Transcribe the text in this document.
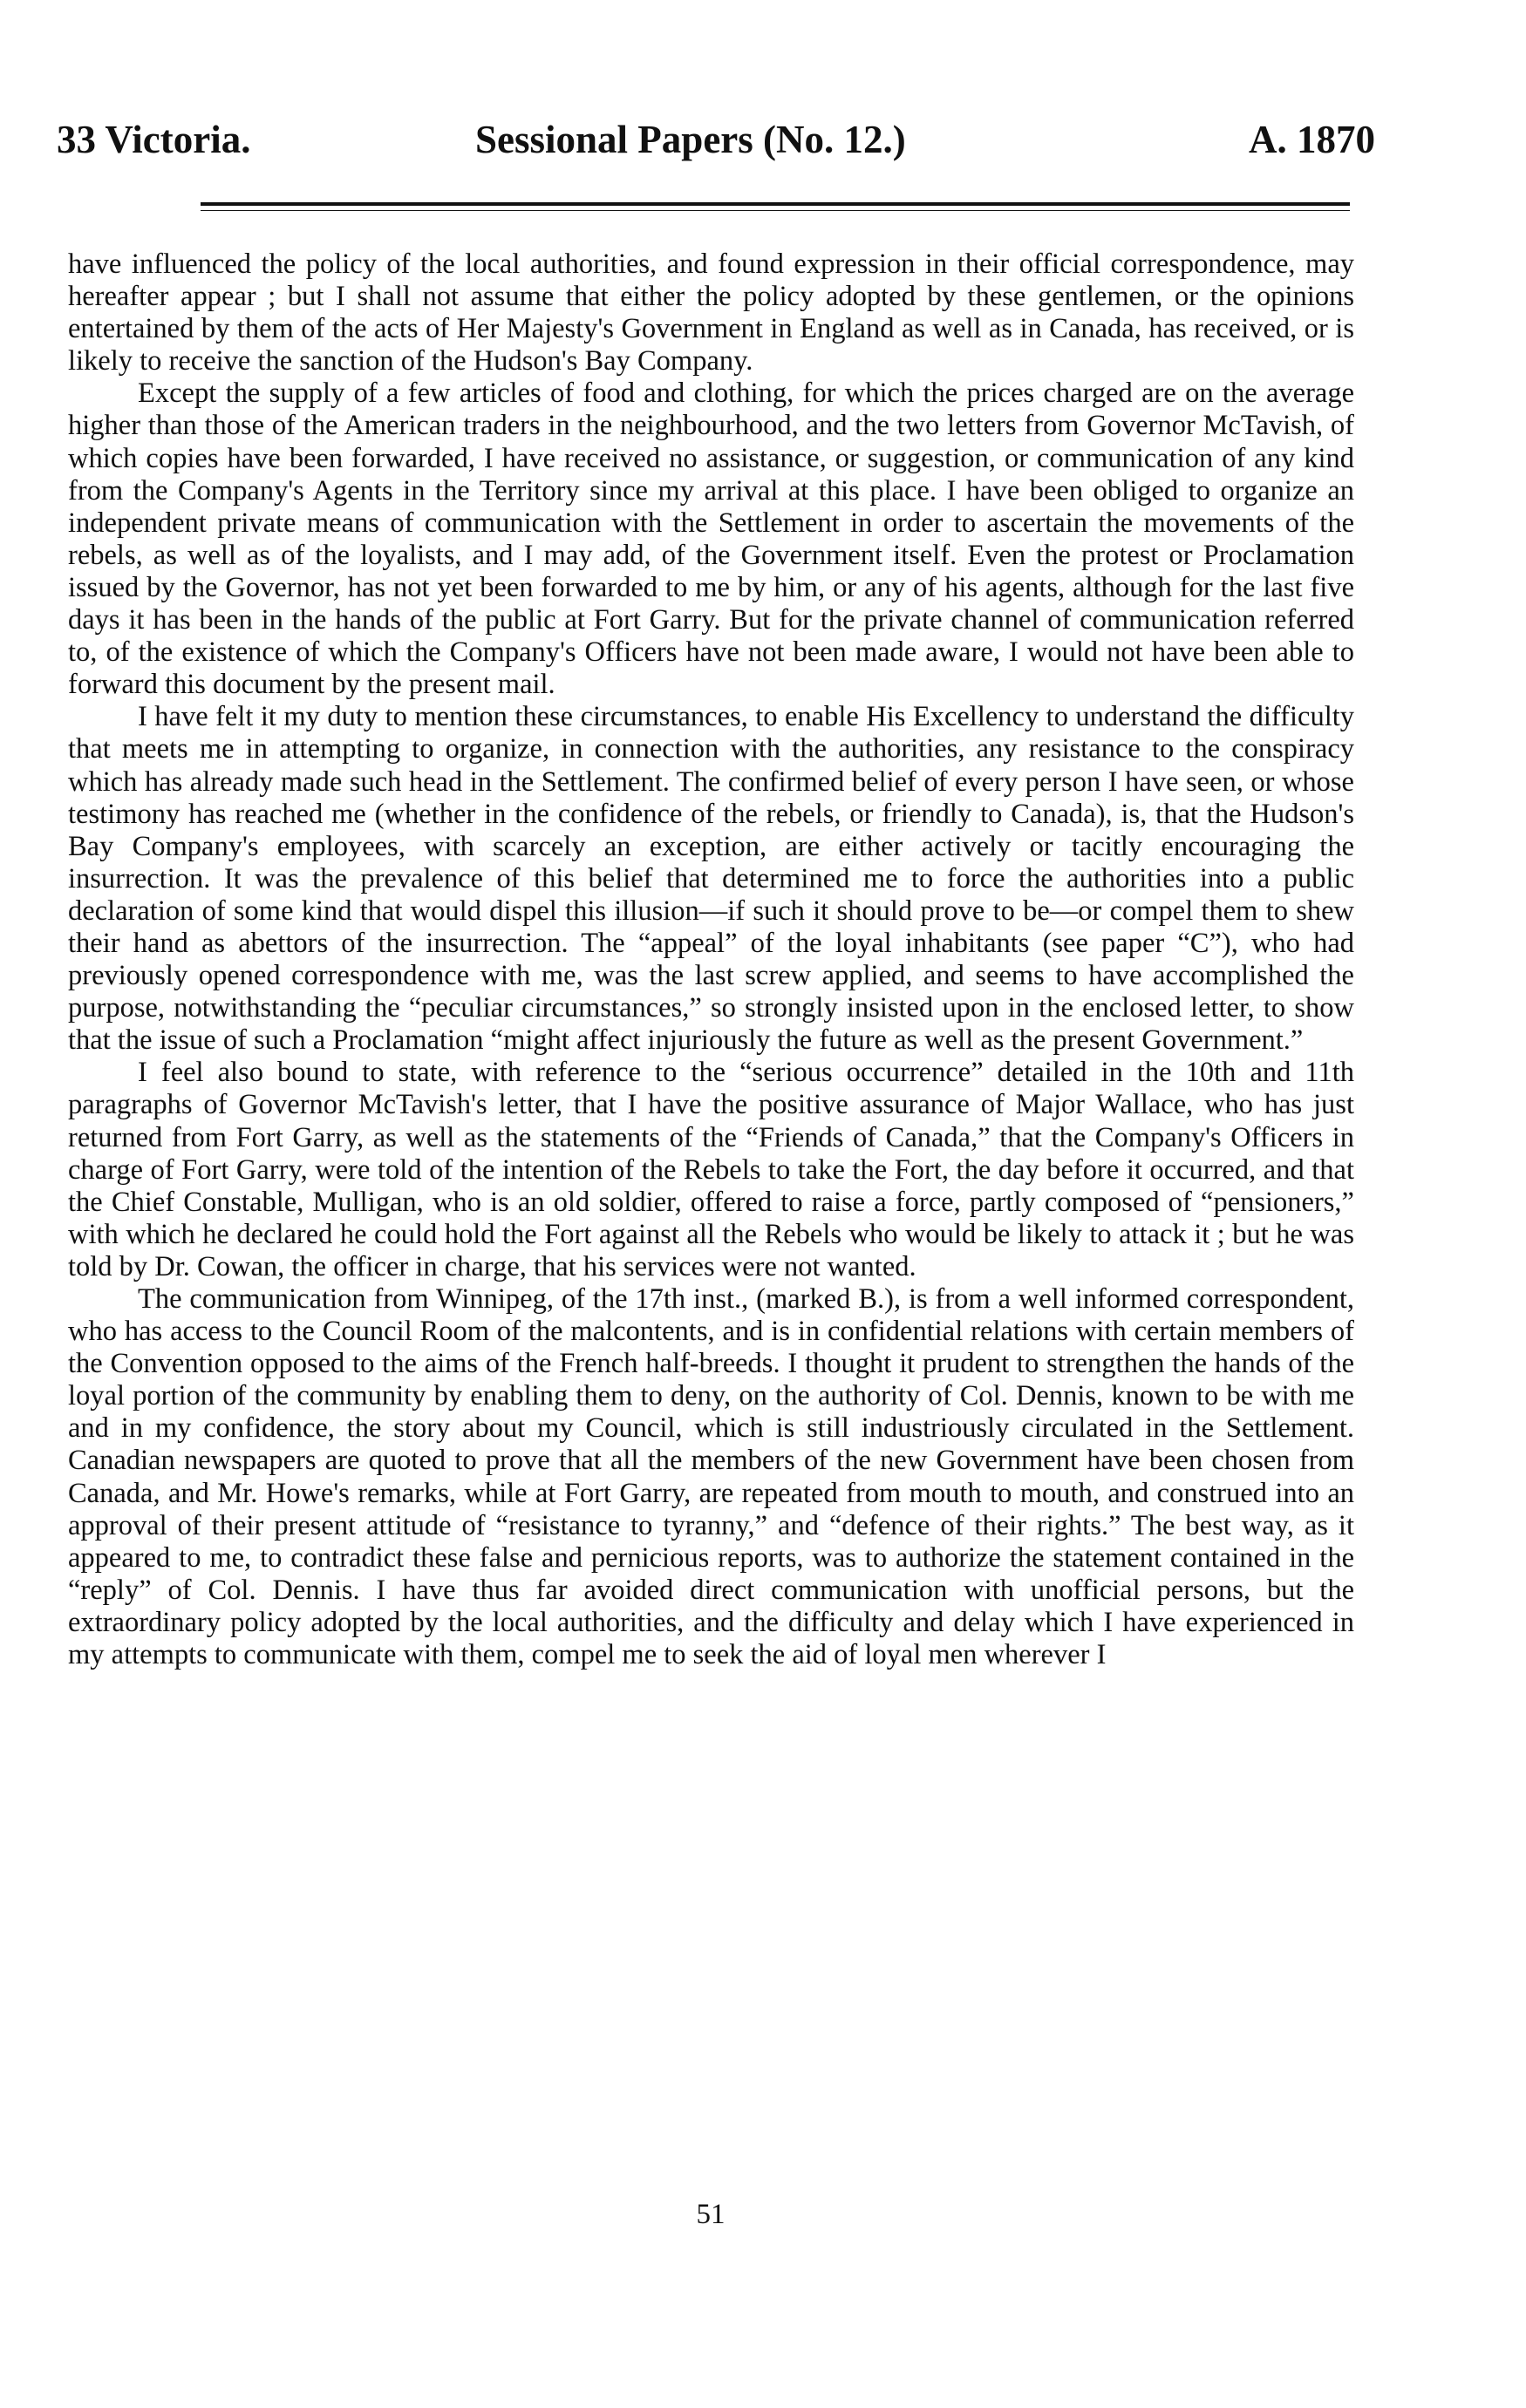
33 Victoria.	Sessional Papers (No. 12.)	A. 1870

have influenced the policy of the local authorities, and found expression in their official correspondence, may hereafter appear ; but I shall not assume that either the policy adopted by these gentlemen, or the opinions entertained by them of the acts of Her Majesty's Government in England as well as in Canada, has received, or is likely to receive the sanction of the Hudson's Bay Company.

Except the supply of a few articles of food and clothing, for which the prices charged are on the average higher than those of the American traders in the neighbourhood, and the two letters from Governor McTavish, of which copies have been forwarded, I have received no assistance, or suggestion, or communication of any kind from the Company's Agents in the Territory since my arrival at this place. I have been obliged to organize an independent private means of communication with the Settlement in order to ascertain the movements of the rebels, as well as of the loyalists, and I may add, of the Government itself. Even the protest or Proclamation issued by the Governor, has not yet been forwarded to me by him, or any of his agents, although for the last five days it has been in the hands of the public at Fort Garry. But for the private channel of communication referred to, of the existence of which the Company's Officers have not been made aware, I would not have been able to forward this document by the present mail.

I have felt it my duty to mention these circumstances, to enable His Excellency to understand the difficulty that meets me in attempting to organize, in connection with the authorities, any resistance to the conspiracy which has already made such head in the Settlement. The confirmed belief of every person I have seen, or whose testimony has reached me (whether in the confidence of the rebels, or friendly to Canada), is, that the Hudson's Bay Company's employees, with scarcely an exception, are either actively or tacitly encouraging the insurrection. It was the prevalence of this belief that determined me to force the authorities into a public declaration of some kind that would dispel this illusion—if such it should prove to be—or compel them to shew their hand as abettors of the insurrection. The “appeal” of the loyal inhabitants (see paper “C”), who had previously opened correspondence with me, was the last screw applied, and seems to have accomplished the purpose, notwithstanding the “peculiar circumstances,” so strongly insisted upon in the enclosed letter, to show that the issue of such a Proclamation “might affect injuriously the future as well as the present Government.”

I feel also bound to state, with reference to the “serious occurrence” detailed in the 10th and 11th paragraphs of Governor McTavish's letter, that I have the positive assurance of Major Wallace, who has just returned from Fort Garry, as well as the statements of the “Friends of Canada,” that the Company's Officers in charge of Fort Garry, were told of the intention of the Rebels to take the Fort, the day before it occurred, and that the Chief Constable, Mulligan, who is an old soldier, offered to raise a force, partly composed of “pensioners,” with which he declared he could hold the Fort against all the Rebels who would be likely to attack it ; but he was told by Dr. Cowan, the officer in charge, that his services were not wanted.

The communication from Winnipeg, of the 17th inst., (marked B.), is from a well informed correspondent, who has access to the Council Room of the malcontents, and is in confidential relations with certain members of the Convention opposed to the aims of the French half-breeds. I thought it prudent to strengthen the hands of the loyal portion of the community by enabling them to deny, on the authority of Col. Dennis, known to be with me and in my confidence, the story about my Council, which is still industriously circulated in the Settlement. Canadian newspapers are quoted to prove that all the members of the new Government have been chosen from Canada, and Mr. Howe's remarks, while at Fort Garry, are repeated from mouth to mouth, and construed into an approval of their present attitude of “resistance to tyranny,” and “defence of their rights.” The best way, as it appeared to me, to contradict these false and pernicious reports, was to authorize the statement contained in the “reply” of Col. Dennis. I have thus far avoided direct communication with unofficial persons, but the extraordinary policy adopted by the local authorities, and the difficulty and delay which I have experienced in my attempts to communicate with them, compel me to seek the aid of loyal men wherever I

51
